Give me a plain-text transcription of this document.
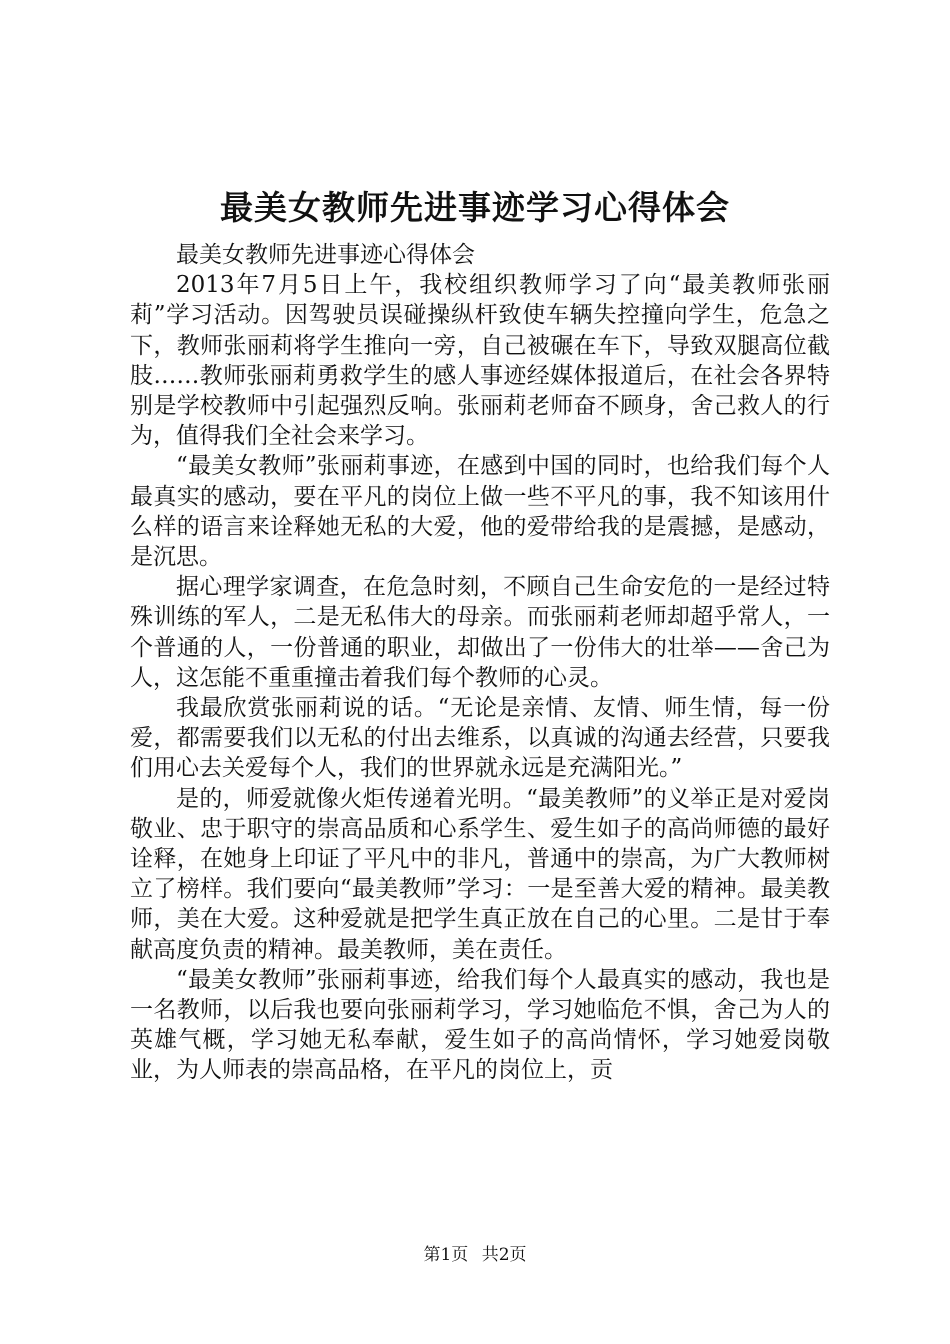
最美女教师先进事迹学习心得体会

最美女教师先进事迹心得体会

2013年7月5日上午，我校组织教师学习了向“最美教师张丽莉”学习活动。因驾驶员误碰操纵杆致使车辆失控撞向学生，危急之下，教师张丽莉将学生推向一旁，自己被碾在车下，导致双腿高位截肢……教师张丽莉勇救学生的感人事迹经媒体报道后，在社会各界特别是学校教师中引起强烈反响。张丽莉老师奋不顾身，舍己救人的行为，值得我们全社会来学习。

“最美女教师”张丽莉事迹，在感到中国的同时，也给我们每个人最真实的感动，要在平凡的岗位上做一些不平凡的事，我不知该用什么样的语言来诠释她无私的大爱，他的爱带给我的是震撼，是感动，是沉思。

据心理学家调查，在危急时刻，不顾自己生命安危的一是经过特殊训练的军人，二是无私伟大的母亲。而张丽莉老师却超乎常人，一个普通的人，一份普通的职业，却做出了一份伟大的壮举——舍己为人，这怎能不重重撞击着我们每个教师的心灵。

我最欣赏张丽莉说的话。“无论是亲情、友情、师生情，每一份爱，都需要我们以无私的付出去维系，以真诚的沟通去经营，只要我们用心去关爱每个人，我们的世界就永远是充满阳光。”

是的，师爱就像火炬传递着光明。“最美教师”的义举正是对爱岗敬业、忠于职守的崇高品质和心系学生、爱生如子的高尚师德的最好诠释，在她身上印证了平凡中的非凡，普通中的崇高，为广大教师树立了榜样。我们要向“最美教师”学习：一是至善大爱的精神。最美教师，美在大爱。这种爱就是把学生真正放在自己的心里。二是甘于奉献高度负责的精神。最美教师，美在责任。

“最美女教师”张丽莉事迹，给我们每个人最真实的感动，我也是一名教师，以后我也要向张丽莉学习，学习她临危不惧，舍己为人的英雄气概，学习她无私奉献，爱生如子的高尚情怀，学习她爱岗敬业，为人师表的崇高品格，在平凡的岗位上，贡

第1页 共2页
